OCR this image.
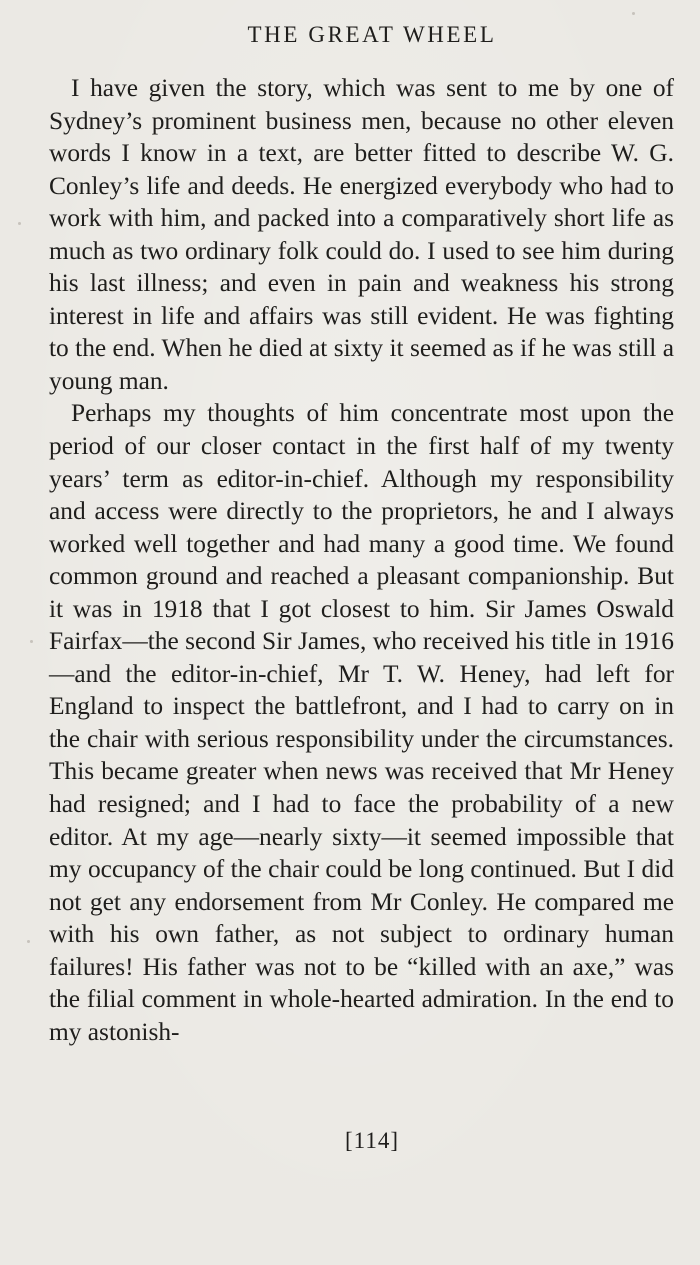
THE GREAT WHEEL

I have given the story, which was sent to me by one of Sydney’s prominent business men, because no other eleven words I know in a text, are better fitted to describe W. G. Conley’s life and deeds. He energized everybody who had to work with him, and packed into a comparatively short life as much as two ordinary folk could do. I used to see him during his last illness; and even in pain and weakness his strong interest in life and affairs was still evident. He was fighting to the end. When he died at sixty it seemed as if he was still a young man.

Perhaps my thoughts of him concentrate most upon the period of our closer contact in the first half of my twenty years’ term as editor-in-chief. Although my responsibility and access were directly to the proprietors, he and I always worked well together and had many a good time. We found common ground and reached a pleasant companionship. But it was in 1918 that I got closest to him. Sir James Oswald Fairfax—the second Sir James, who received his title in 1916—and the editor-in-chief, Mr T. W. Heney, had left for England to inspect the battlefront, and I had to carry on in the chair with serious responsibility under the circumstances. This became greater when news was received that Mr Heney had resigned; and I had to face the probability of a new editor. At my age—nearly sixty—it seemed impossible that my occupancy of the chair could be long continued. But I did not get any endorsement from Mr Conley. He compared me with his own father, as not subject to ordinary human failures! His father was not to be “killed with an axe,” was the filial comment in whole-hearted admiration. In the end to my astonish-

[114]
